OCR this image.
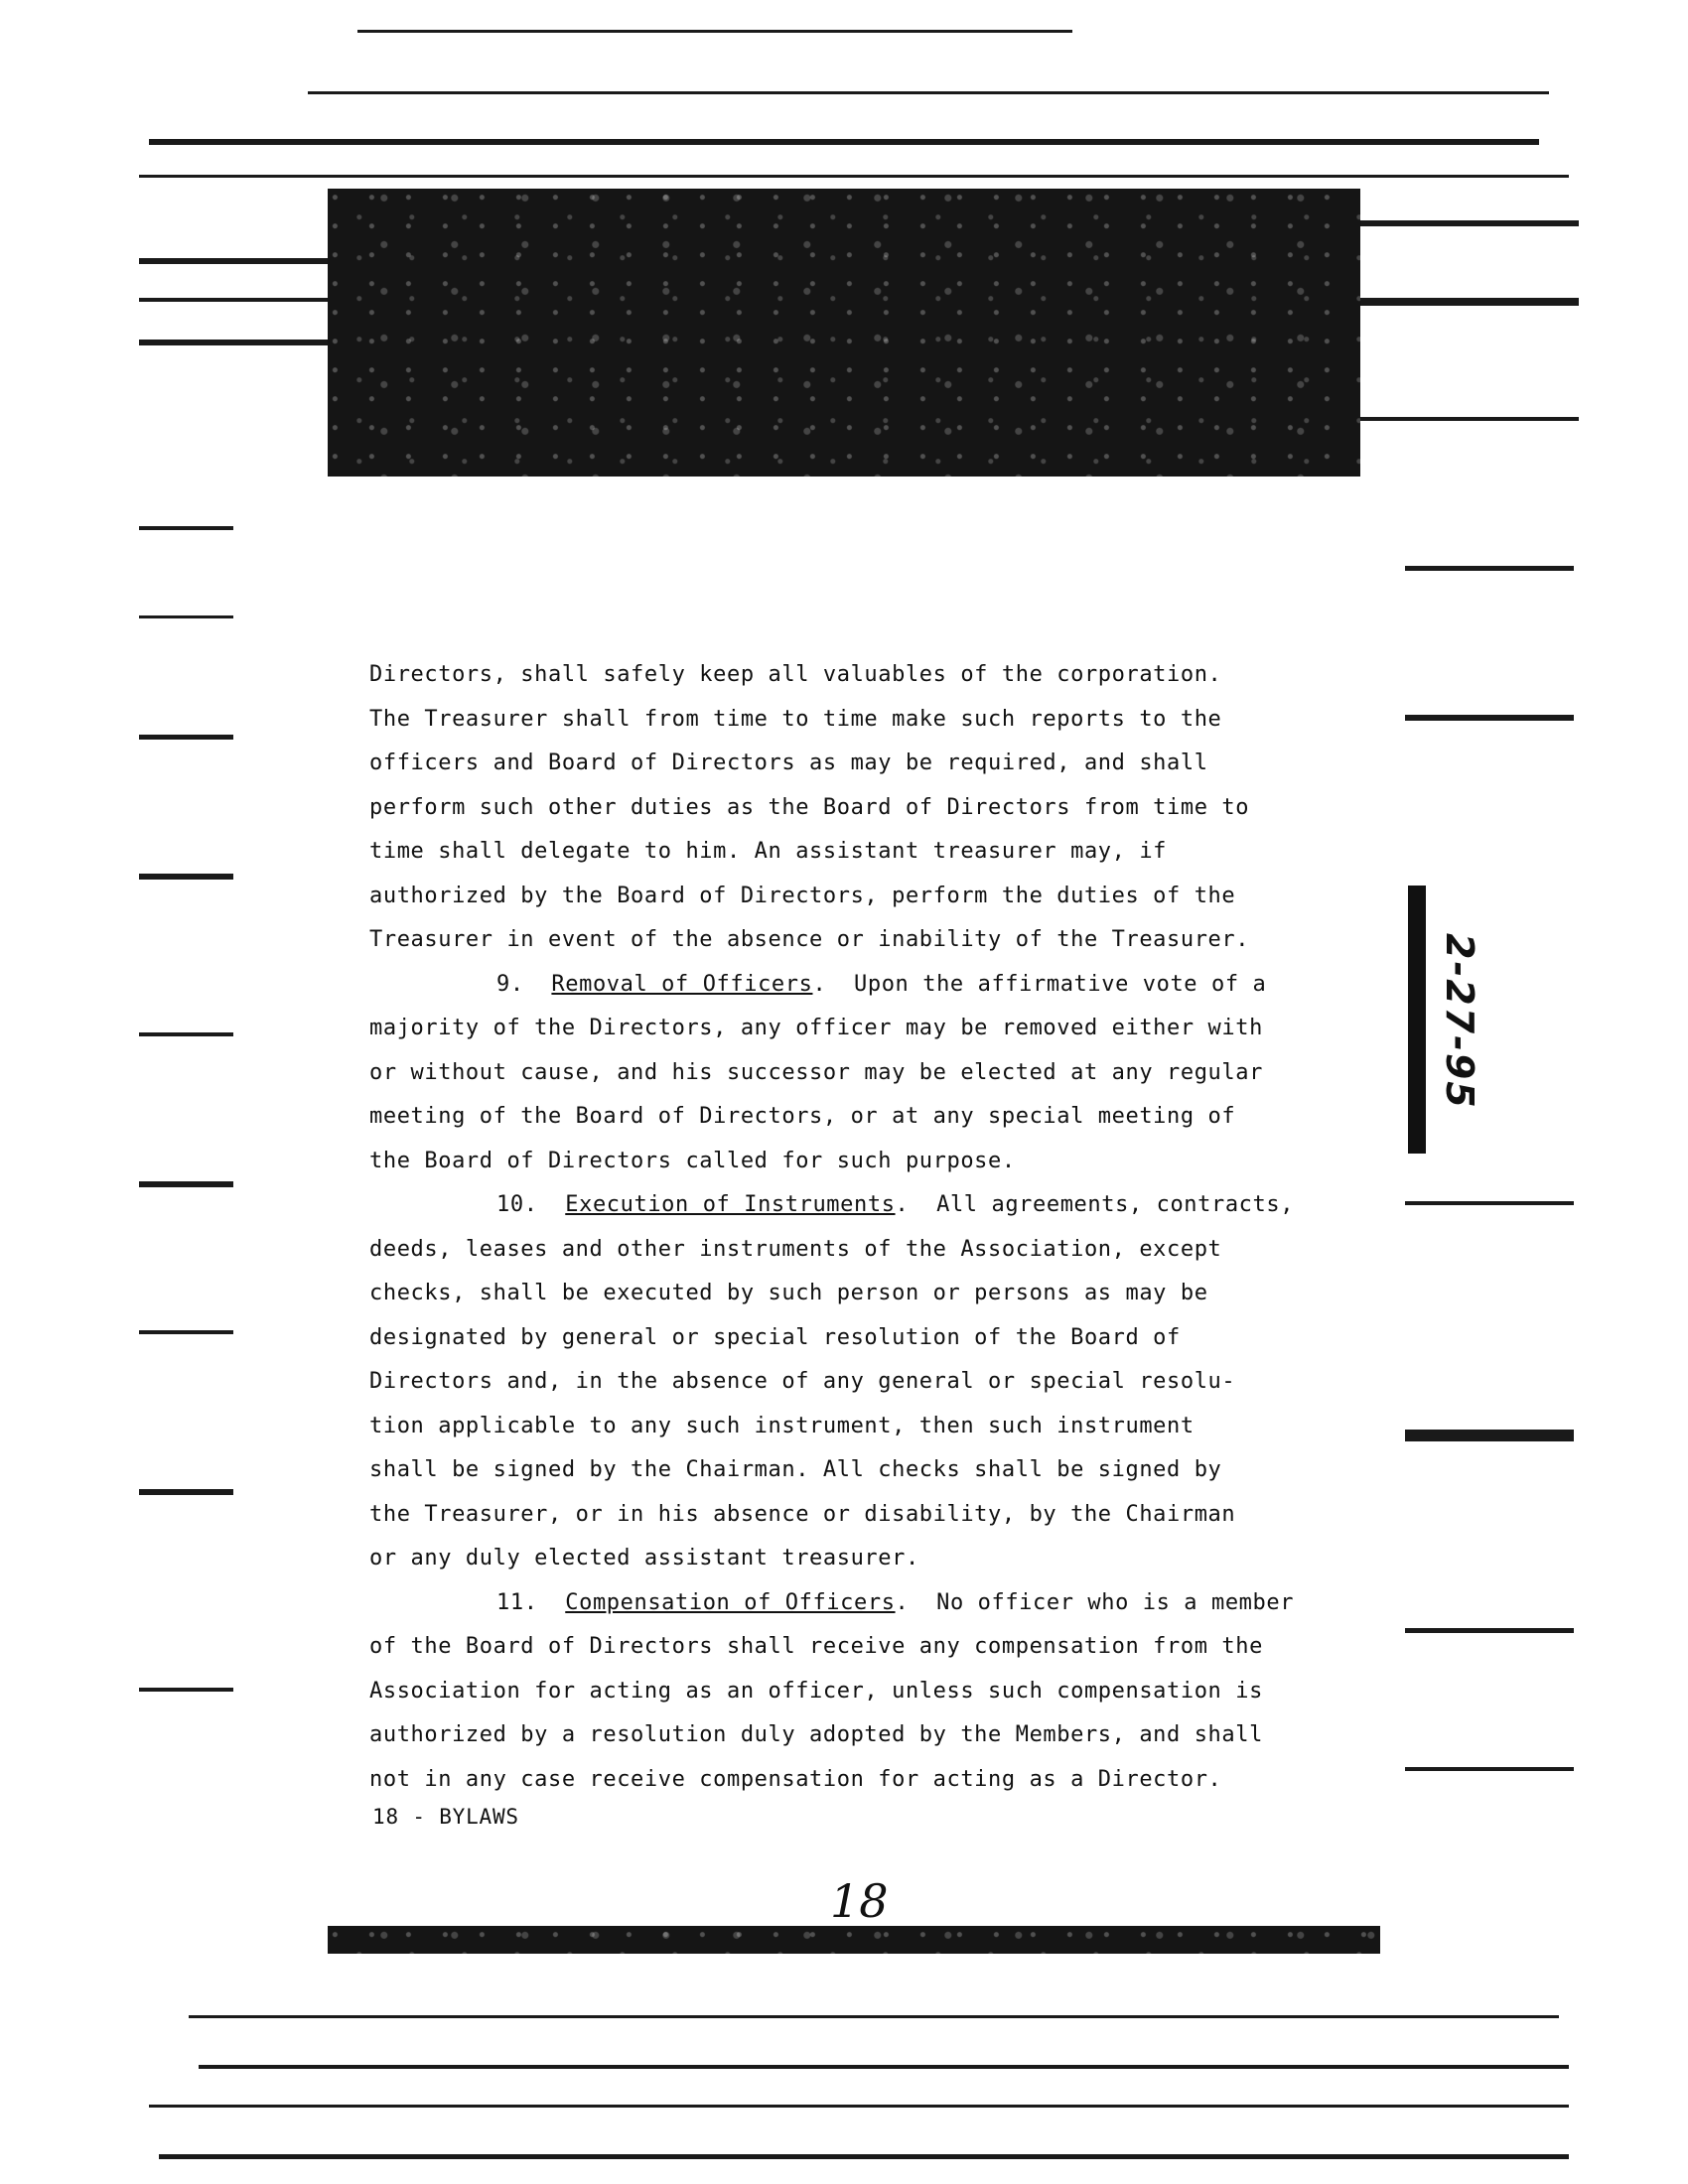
2-27-95
Directors, shall safely keep all valuables of the corporation.
The Treasurer shall from time to time make such reports to the
officers and Board of Directors as may be required, and shall
perform such other duties as the Board of Directors from time to
time shall delegate to him. An assistant treasurer may, if
authorized by the Board of Directors, perform the duties of the
Treasurer in event of the absence or inability of the Treasurer.
9. Removal of Officers.  Upon the affirmative vote of a
majority of the Directors, any officer may be removed either with
or without cause, and his successor may be elected at any regular
meeting of the Board of Directors, or at any special meeting of
the Board of Directors called for such purpose.
10. Execution of Instruments.  All agreements, contracts,
deeds, leases and other instruments of the Association, except
checks, shall be executed by such person or persons as may be
designated by general or special resolution of the Board of
Directors and, in the absence of any general or special resolu-
tion applicable to any such instrument, then such instrument
shall be signed by the Chairman. All checks shall be signed by
the Treasurer, or in his absence or disability, by the Chairman
or any duly elected assistant treasurer.
11. Compensation of Officers.  No officer who is a member
of the Board of Directors shall receive any compensation from the
Association for acting as an officer, unless such compensation is
authorized by a resolution duly adopted by the Members, and shall
not in any case receive compensation for acting as a Director.
18 - BYLAWS
18
